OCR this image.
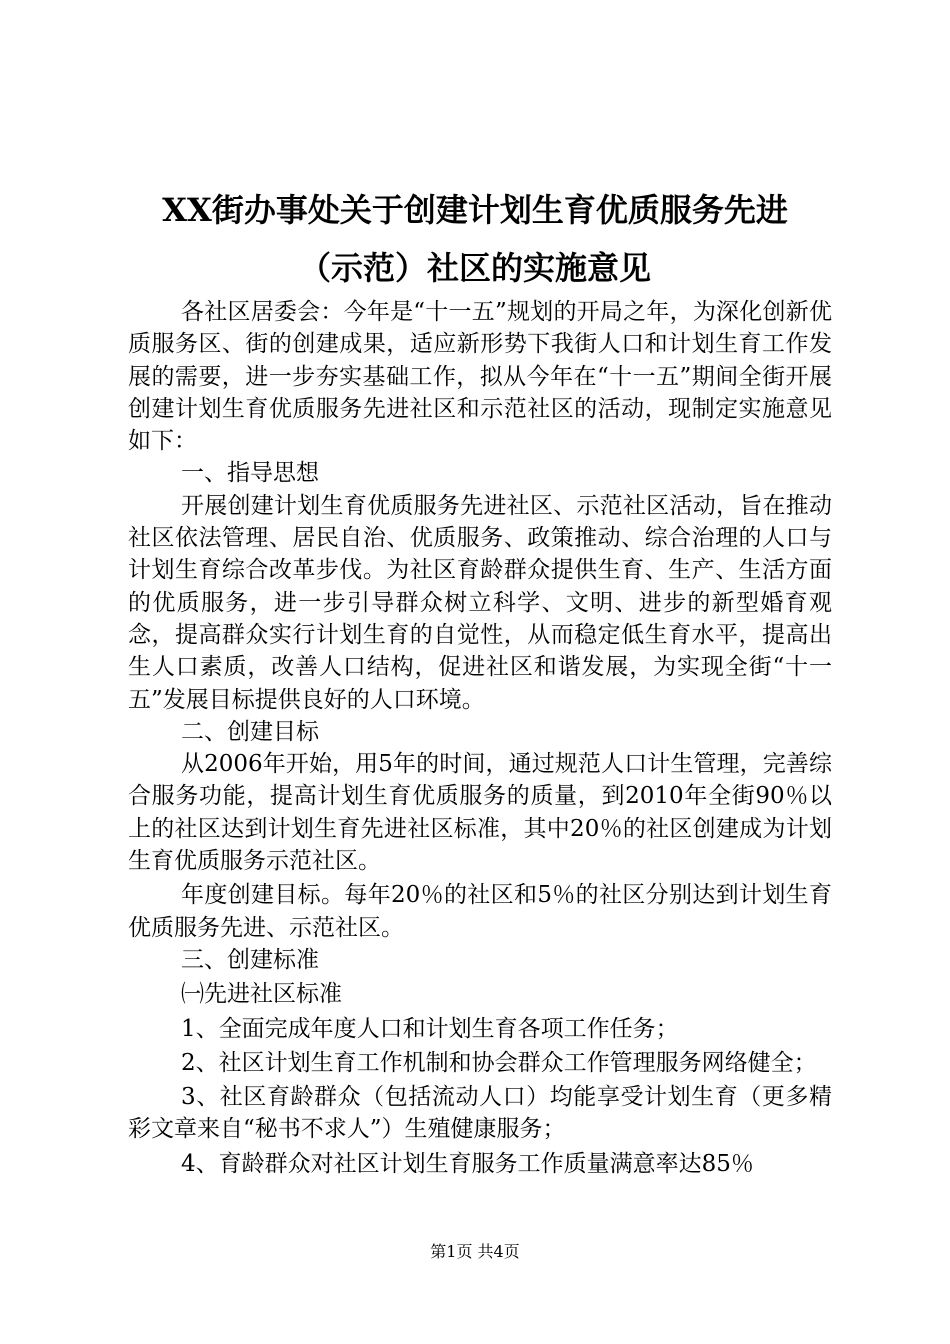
XX街办事处关于创建计划生育优质服务先进
（示范）社区的实施意见

各社区居委会：今年是“十一五”规划的开局之年，为深化创新优质服务区、街的创建成果，适应新形势下我街人口和计划生育工作发展的需要，进一步夯实基础工作，拟从今年在“十一五”期间全街开展创建计划生育优质服务先进社区和示范社区的活动，现制定实施意见如下：

一、指导思想

开展创建计划生育优质服务先进社区、示范社区活动，旨在推动社区依法管理、居民自治、优质服务、政策推动、综合治理的人口与计划生育综合改革步伐。为社区育龄群众提供生育、生产、生活方面的优质服务，进一步引导群众树立科学、文明、进步的新型婚育观念，提高群众实行计划生育的自觉性，从而稳定低生育水平，提高出生人口素质，改善人口结构，促进社区和谐发展，为实现全街“十一五”发展目标提供良好的人口环境。

二、创建目标

从2006年开始，用5年的时间，通过规范人口计生管理，完善综合服务功能，提高计划生育优质服务的质量，到2010年全街90％以上的社区达到计划生育先进社区标准，其中20％的社区创建成为计划生育优质服务示范社区。

年度创建目标。每年20％的社区和5％的社区分别达到计划生育优质服务先进、示范社区。

三、创建标准

㈠先进社区标准

1、全面完成年度人口和计划生育各项工作任务；

2、社区计划生育工作机制和协会群众工作管理服务网络健全；

3、社区育龄群众（包括流动人口）均能享受计划生育（更多精彩文章来自“秘书不求人”）生殖健康服务；

4、育龄群众对社区计划生育服务工作质量满意率达85％

第1页 共4页
